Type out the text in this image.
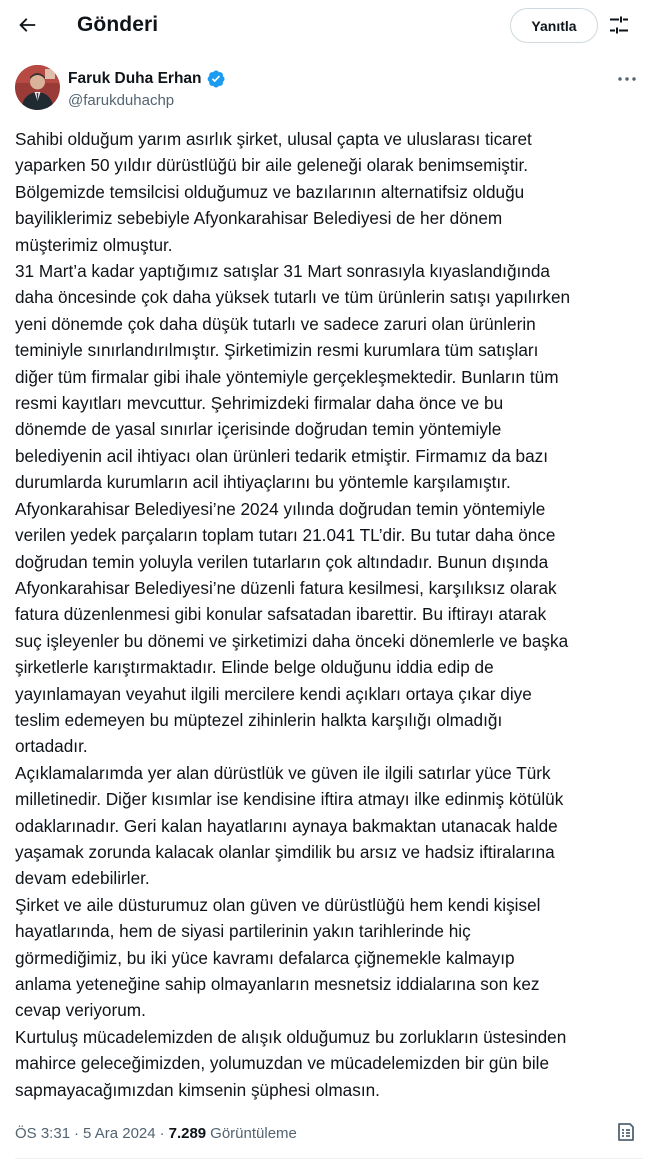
Gönderi	Yanıtla
Faruk Duha Erhan
@farukduhachp
Sahibi olduğum yarım asırlık şirket, ulusal çapta ve uluslarası ticaret
yaparken 50 yıldır dürüstlüğü bir aile geleneği olarak benimsemiştir.
Bölgemizde temsilcisi olduğumuz ve bazılarının alternatifsiz olduğu
bayiliklerimiz sebebiyle Afyonkarahisar Belediyesi de her dönem
müşterimiz olmuştur.
31 Mart’a kadar yaptığımız satışlar 31 Mart sonrasıyla kıyaslandığında
daha öncesinde çok daha yüksek tutarlı ve tüm ürünlerin satışı yapılırken
yeni dönemde çok daha düşük tutarlı ve sadece zaruri olan ürünlerin
teminiyle sınırlandırılmıştır. Şirketimizin resmi kurumlara tüm satışları
diğer tüm firmalar gibi ihale yöntemiyle gerçekleşmektedir. Bunların tüm
resmi kayıtları mevcuttur. Şehrimizdeki firmalar daha önce ve bu
dönemde de yasal sınırlar içerisinde doğrudan temin yöntemiyle
belediyenin acil ihtiyacı olan ürünleri tedarik etmiştir. Firmamız da bazı
durumlarda kurumların acil ihtiyaçlarını bu yöntemle karşılamıştır.
Afyonkarahisar Belediyesi’ne 2024 yılında doğrudan temin yöntemiyle
verilen yedek parçaların toplam tutarı 21.041 TL’dir. Bu tutar daha önce
doğrudan temin yoluyla verilen tutarların çok altındadır. Bunun dışında
Afyonkarahisar Belediyesi’ne düzenli fatura kesilmesi, karşılıksız olarak
fatura düzenlenmesi gibi konular safsatadan ibarettir. Bu iftirayı atarak
suç işleyenler bu dönemi ve şirketimizi daha önceki dönemlerle ve başka
şirketlerle karıştırmaktadır. Elinde belge olduğunu iddia edip de
yayınlamayan veyahut ilgili mercilere kendi açıkları ortaya çıkar diye
teslim edemeyen bu müptezel zihinlerin halkta karşılığı olmadığı
ortadadır.
Açıklamalarımda yer alan dürüstlük ve güven ile ilgili satırlar yüce Türk
milletinedir. Diğer kısımlar ise kendisine iftira atmayı ilke edinmiş kötülük
odaklarınadır. Geri kalan hayatlarını aynaya bakmaktan utanacak halde
yaşamak zorunda kalacak olanlar şimdilik bu arsız ve hadsiz iftiralarına
devam edebilirler.
Şirket ve aile düsturumuz olan güven ve dürüstlüğü hem kendi kişisel
hayatlarında, hem de siyasi partilerinin yakın tarihlerinde hiç
görmediğimiz, bu iki yüce kavramı defalarca çiğnemekle kalmayıp
anlama yeteneğine sahip olmayanların mesnetsiz iddialarına son kez
cevap veriyorum.
Kurtuluş mücadelemizden de alışık olduğumuz bu zorlukların üstesinden
mahirce geleceğimizden, yolumuzdan ve mücadelemizden bir gün bile
sapmayacağımızdan kimsenin şüphesi olmasın.
ÖS 3:31 · 5 Ara 2024 · 7.289 Görüntüleme
